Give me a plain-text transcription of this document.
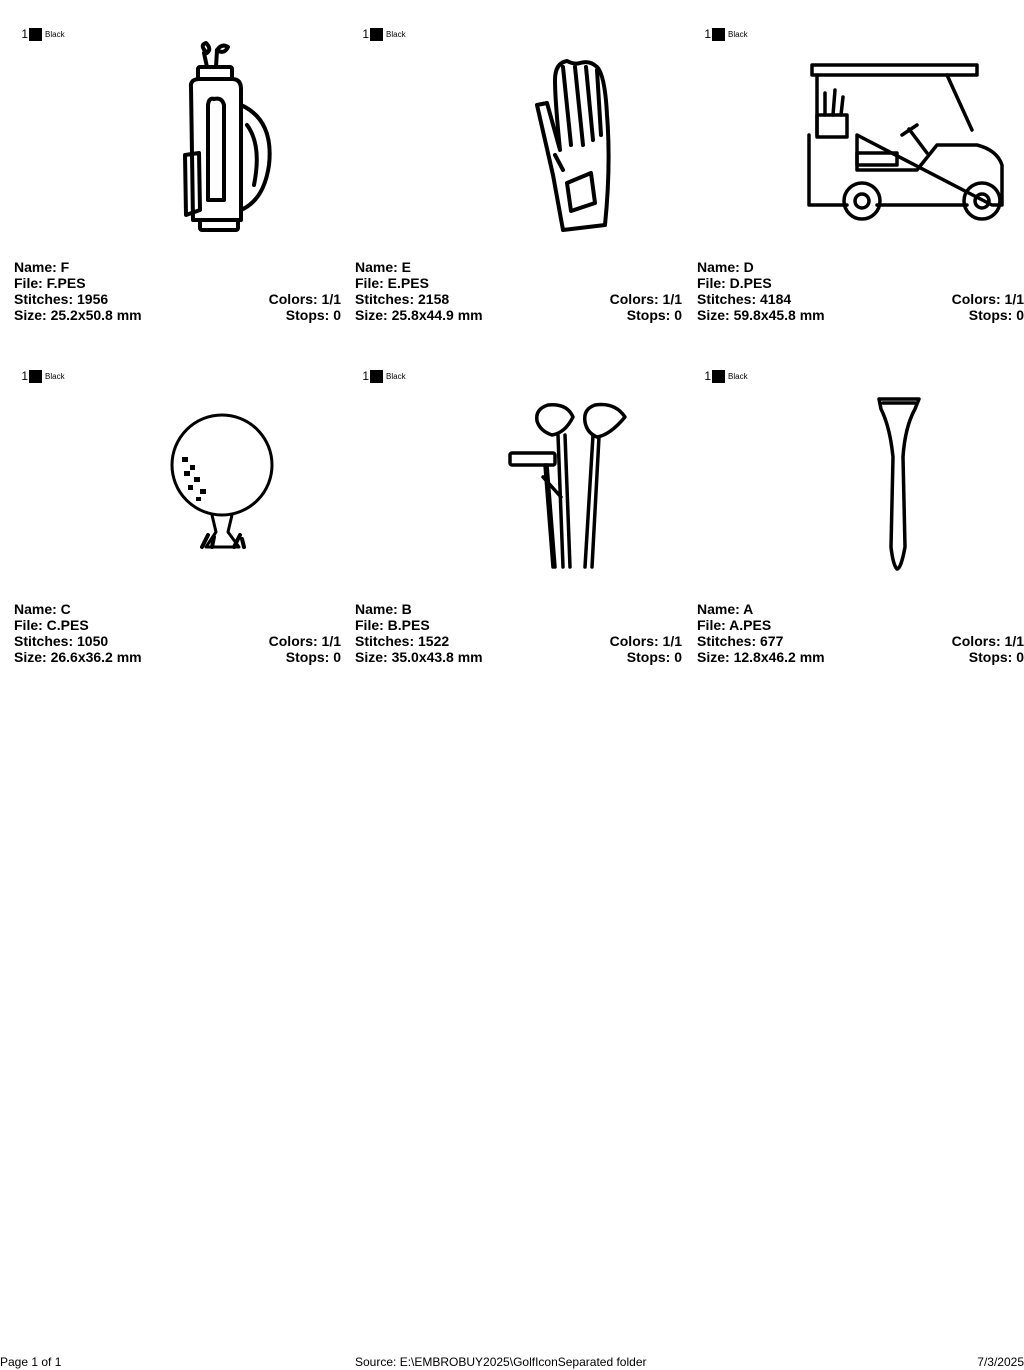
1 Black
Name: F
File: F.PES
Stitches: 1956	Colors: 1/1
Size: 25.2x50.8 mm	Stops: 0
1 Black
Name: E
File: E.PES
Stitches: 2158	Colors: 1/1
Size: 25.8x44.9 mm	Stops: 0
1 Black
Name: D
File: D.PES
Stitches: 4184	Colors: 1/1
Size: 59.8x45.8 mm	Stops: 0
1 Black
Name: C
File: C.PES
Stitches: 1050	Colors: 1/1
Size: 26.6x36.2 mm	Stops: 0
1 Black
Name: B
File: B.PES
Stitches: 1522	Colors: 1/1
Size: 35.0x43.8 mm	Stops: 0
1 Black
Name: A
File: A.PES
Stitches: 677	Colors: 1/1
Size: 12.8x46.2 mm	Stops: 0
Page 1 of 1	Source: E:\EMBROBUY2025\GolfIconSeparated folder	7/3/2025
